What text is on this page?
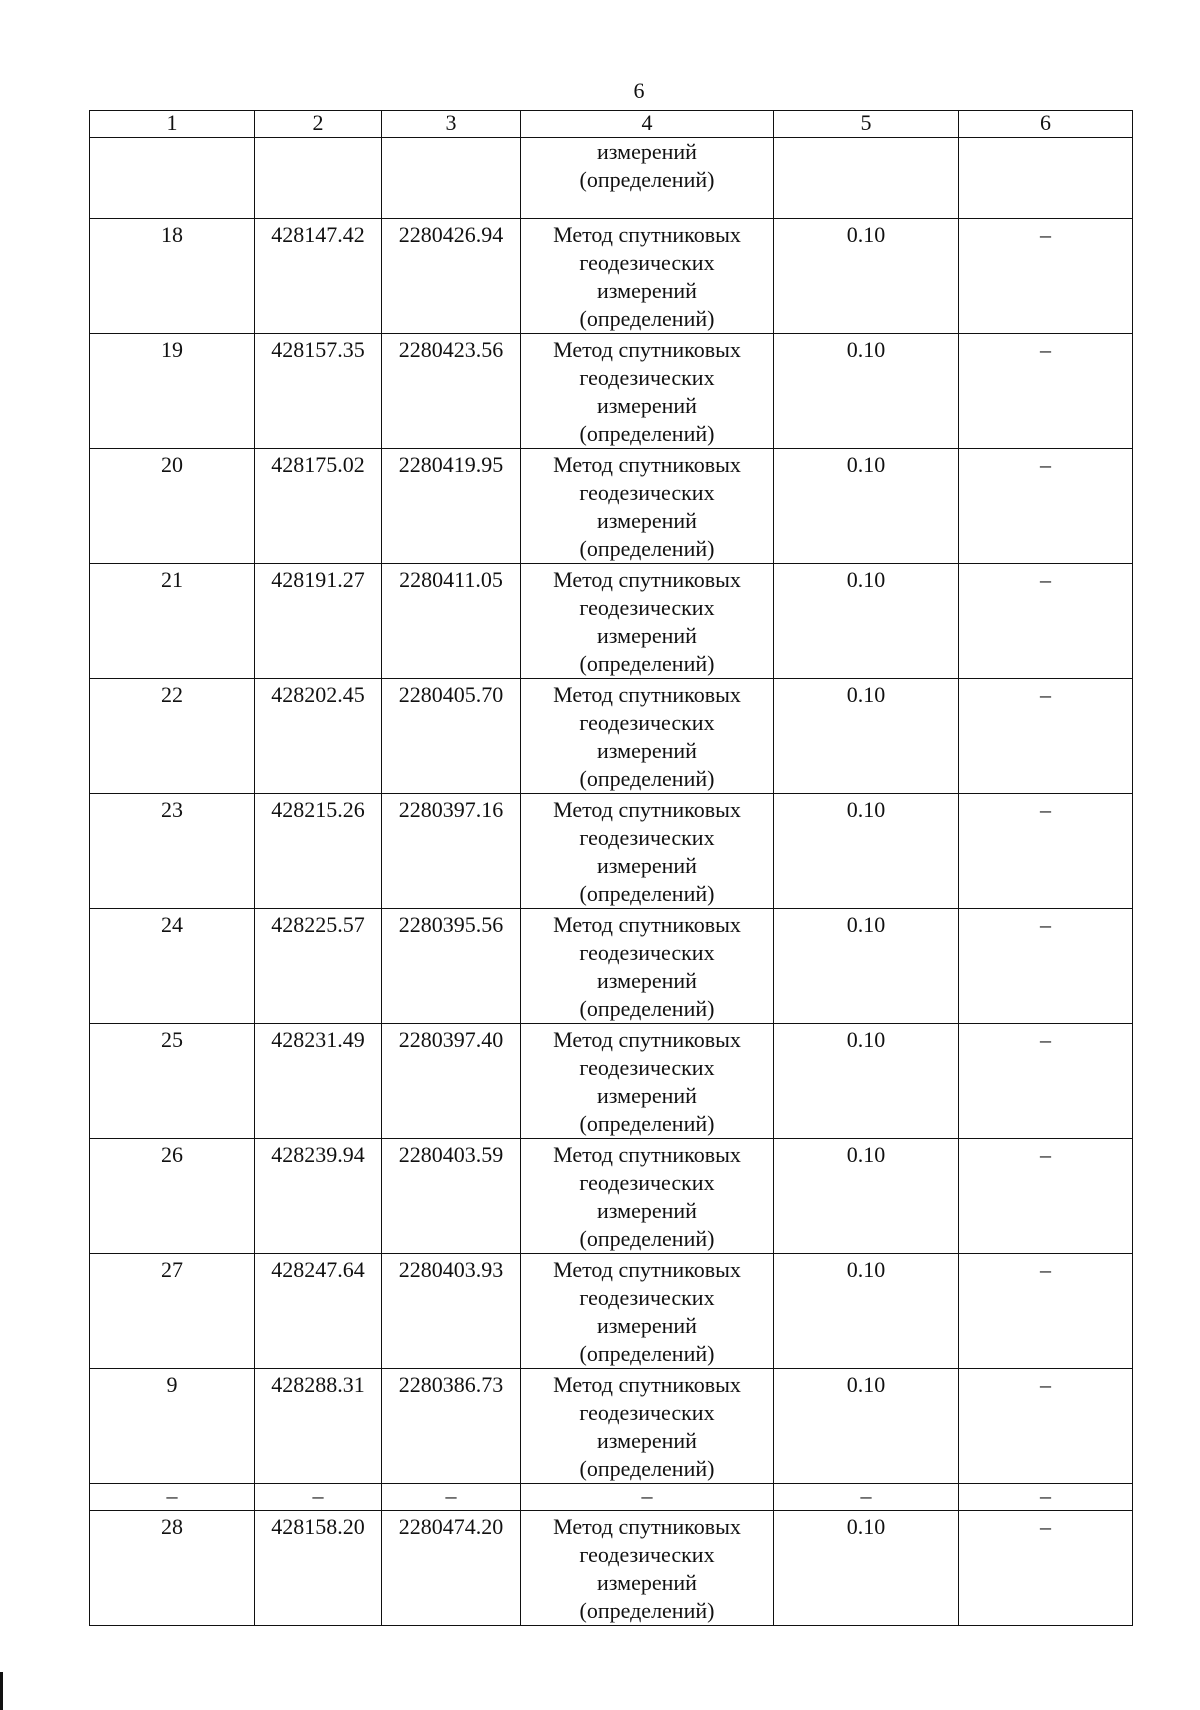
6
1	2	3	4	5	6

			измерений
(определений)		

18	428147.42	2280426.94	Метод спутниковых
геодезических
измерений
(определений)	0.10	–
19	428157.35	2280423.56	Метод спутниковых
геодезических
измерений
(определений)	0.10	–
20	428175.02	2280419.95	Метод спутниковых
геодезических
измерений
(определений)	0.10	–
21	428191.27	2280411.05	Метод спутниковых
геодезических
измерений
(определений)	0.10	–
22	428202.45	2280405.70	Метод спутниковых
геодезических
измерений
(определений)	0.10	–
23	428215.26	2280397.16	Метод спутниковых
геодезических
измерений
(определений)	0.10	–
24	428225.57	2280395.56	Метод спутниковых
геодезических
измерений
(определений)	0.10	–
25	428231.49	2280397.40	Метод спутниковых
геодезических
измерений
(определений)	0.10	–
26	428239.94	2280403.59	Метод спутниковых
геодезических
измерений
(определений)	0.10	–
27	428247.64	2280403.93	Метод спутниковых
геодезических
измерений
(определений)	0.10	–
9	428288.31	2280386.73	Метод спутниковых
геодезических
измерений
(определений)	0.10	–
–	–	–	–	–	–
28	428158.20	2280474.20	Метод спутниковых
геодезических
измерений
(определений)	0.10	–
